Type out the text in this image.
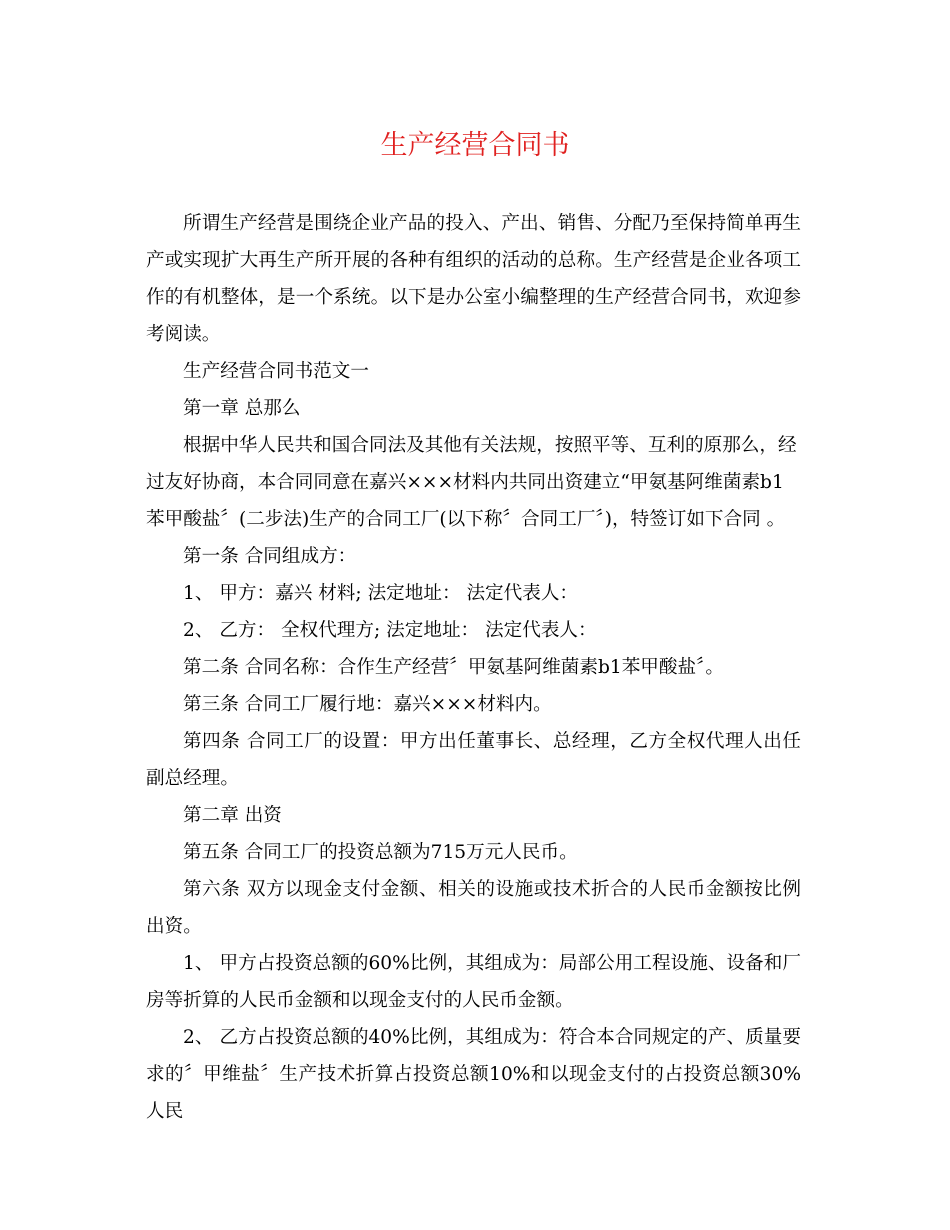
生产经营合同书

所谓生产经营是围绕企业产品的投入、产出、销售、分配乃至保持简单再生产或实现扩大再生产所开展的各种有组织的活动的总称。生产经营是企业各项工作的有机整体，是一个系统。以下是办公室小编整理的生产经营合同书，欢迎参考阅读。

生产经营合同书范文一

第一章 总那么

根据中华人民共和国合同法及其他有关法规，按照平等、互利的原那么，经过友好协商，本合同同意在嘉兴×××材料内共同出资建立“甲氨基阿维菌素b1苯甲酸盐〞(二步法)生产的合同工厂(以下称〞合同工厂〞)，特签订如下合同 。

第一条 合同组成方：

1、 甲方：嘉兴 材料; 法定地址： 法定代表人：

2、 乙方： 全权代理方; 法定地址： 法定代表人：

第二条 合同名称：合作生产经营〞甲氨基阿维菌素b1苯甲酸盐〞。

第三条 合同工厂履行地：嘉兴×××材料内。

第四条 合同工厂的设置：甲方出任董事长、总经理，乙方全权代理人出任副总经理。

第二章 出资

第五条 合同工厂的投资总额为715万元人民币。

第六条 双方以现金支付金额、相关的设施或技术折合的人民币金额按比例出资。

1、 甲方占投资总额的60%比例，其组成为：局部公用工程设施、设备和厂房等折算的人民币金额和以现金支付的人民币金额。

2、 乙方占投资总额的40%比例，其组成为：符合本合同规定的产、质量要求的〞甲维盐〞生产技术折算占投资总额10%和以现金支付的占投资总额30%人民
